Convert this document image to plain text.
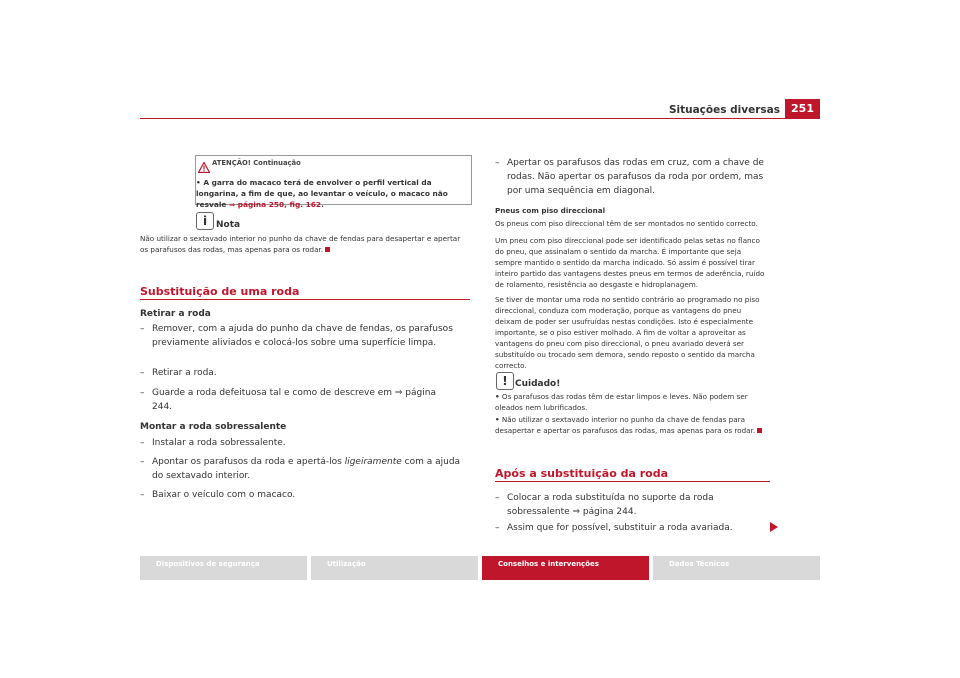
Situações diversas	251
ATENÇÃO! Continuação
• A garra do macaco terá de envolver o perfil vertical da longarina, a fim de que, ao levantar o veículo, o macaco não resvale ⇒ página 250, fig. 162.
i Nota
Não utilizar o sextavado interior no punho da chave de fendas para desapertar e apertar os parafusos das rodas, mas apenas para os rodar.
Substituição de uma roda
Retirar a roda
– Remover, com a ajuda do punho da chave de fendas, os parafusos previamente aliviados e colocá-los sobre uma superfície limpa.
– Retirar a roda.
– Guarde a roda defeituosa tal e como de descreve em ⇒ página 244.
Montar a roda sobressalente
– Instalar a roda sobressalente.
– Apontar os parafusos da roda e apertá-los ligeiramente com a ajuda do sextavado interior.
– Baixar o veículo com o macaco.
– Apertar os parafusos das rodas em cruz, com a chave de rodas. Não apertar os parafusos da roda por ordem, mas por uma sequência em diagonal.
Pneus com piso direccional
Os pneus com piso direccional têm de ser montados no sentido correcto.
Um pneu com piso direccional pode ser identificado pelas setas no flanco do pneu, que assinalam o sentido da marcha. É importante que seja sempre mantido o sentido da marcha indicado. Só assim é possível tirar inteiro partido das vantagens destes pneus em termos de aderência, ruído de rolamento, resistência ao desgaste e hidroplanagem.
Se tiver de montar uma roda no sentido contrário ao programado no piso direccional, conduza com moderação, porque as vantagens do pneu deixam de poder ser usufruídas nestas condições. Isto é especialmente importante, se o piso estiver molhado. A fim de voltar a aproveitar as vantagens do pneu com piso direccional, o pneu avariado deverá ser substituído ou trocado sem demora, sendo reposto o sentido da marcha correcto.
! Cuidado!
• Os parafusos das rodas têm de estar limpos e leves. Não podem ser oleados nem lubrificados.
• Não utilizar o sextavado interior no punho da chave de fendas para desapertar e apertar os parafusos das rodas, mas apenas para os rodar.
Após a substituição da roda
– Colocar a roda substituída no suporte da roda sobressalente ⇒ página 244.
– Assim que for possível, substituir a roda avariada.
Dispositivos de segurança	Utilização	Conselhos e intervenções	Dados Técnicos
